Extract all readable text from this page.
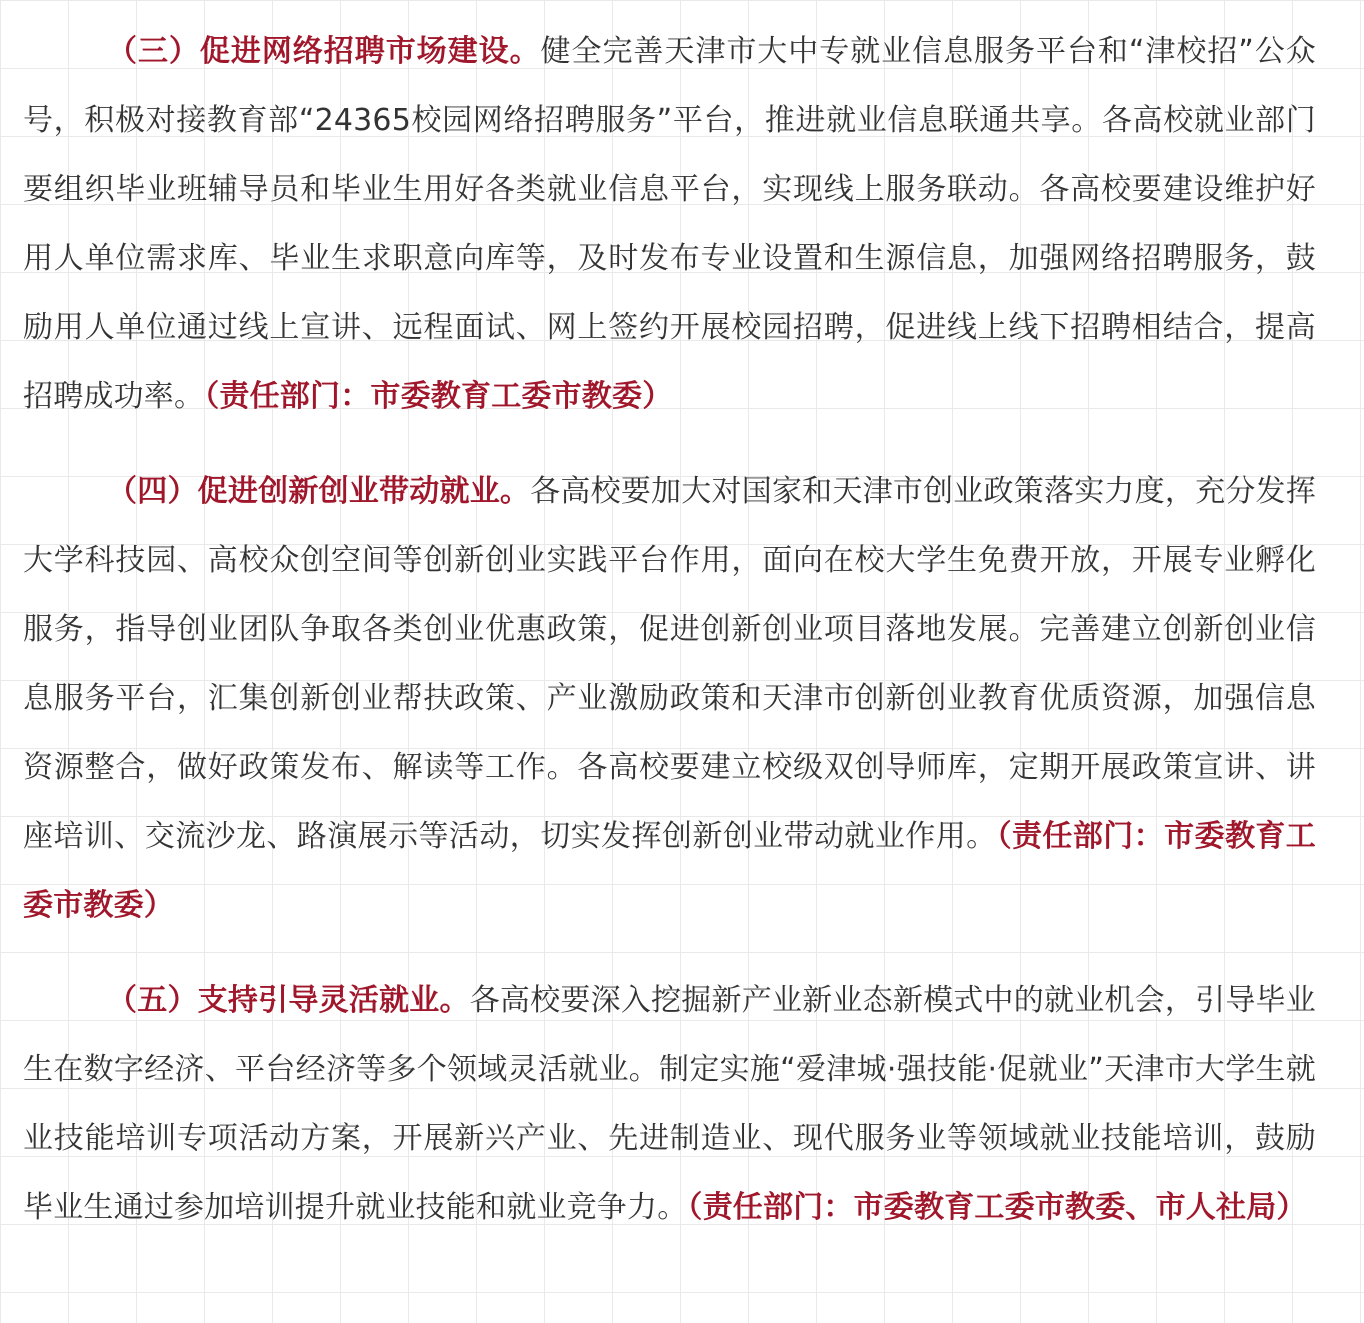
（三）促进网络招聘市场建设。健全完善天津市大中专就业信息服务平台和“津校招”公众号，积极对接教育部“24365校园网络招聘服务”平台，推进就业信息联通共享。各高校就业部门要组织毕业班辅导员和毕业生用好各类就业信息平台，实现线上服务联动。各高校要建设维护好用人单位需求库、毕业生求职意向库等，及时发布专业设置和生源信息，加强网络招聘服务，鼓励用人单位通过线上宣讲、远程面试、网上签约开展校园招聘，促进线上线下招聘相结合，提高招聘成功率。（责任部门：市委教育工委市教委）

（四）促进创新创业带动就业。各高校要加大对国家和天津市创业政策落实力度，充分发挥大学科技园、高校众创空间等创新创业实践平台作用，面向在校大学生免费开放，开展专业孵化服务，指导创业团队争取各类创业优惠政策，促进创新创业项目落地发展。完善建立创新创业信息服务平台，汇集创新创业帮扶政策、产业激励政策和天津市创新创业教育优质资源，加强信息资源整合，做好政策发布、解读等工作。各高校要建立校级双创导师库，定期开展政策宣讲、讲座培训、交流沙龙、路演展示等活动，切实发挥创新创业带动就业作用。（责任部门：市委教育工委市教委）

（五）支持引导灵活就业。各高校要深入挖掘新产业新业态新模式中的就业机会，引导毕业生在数字经济、平台经济等多个领域灵活就业。制定实施“爱津城·强技能·促就业”天津市大学生就业技能培训专项活动方案，开展新兴产业、先进制造业、现代服务业等领域就业技能培训，鼓励毕业生通过参加培训提升就业技能和就业竞争力。（责任部门：市委教育工委市教委、市人社局）
